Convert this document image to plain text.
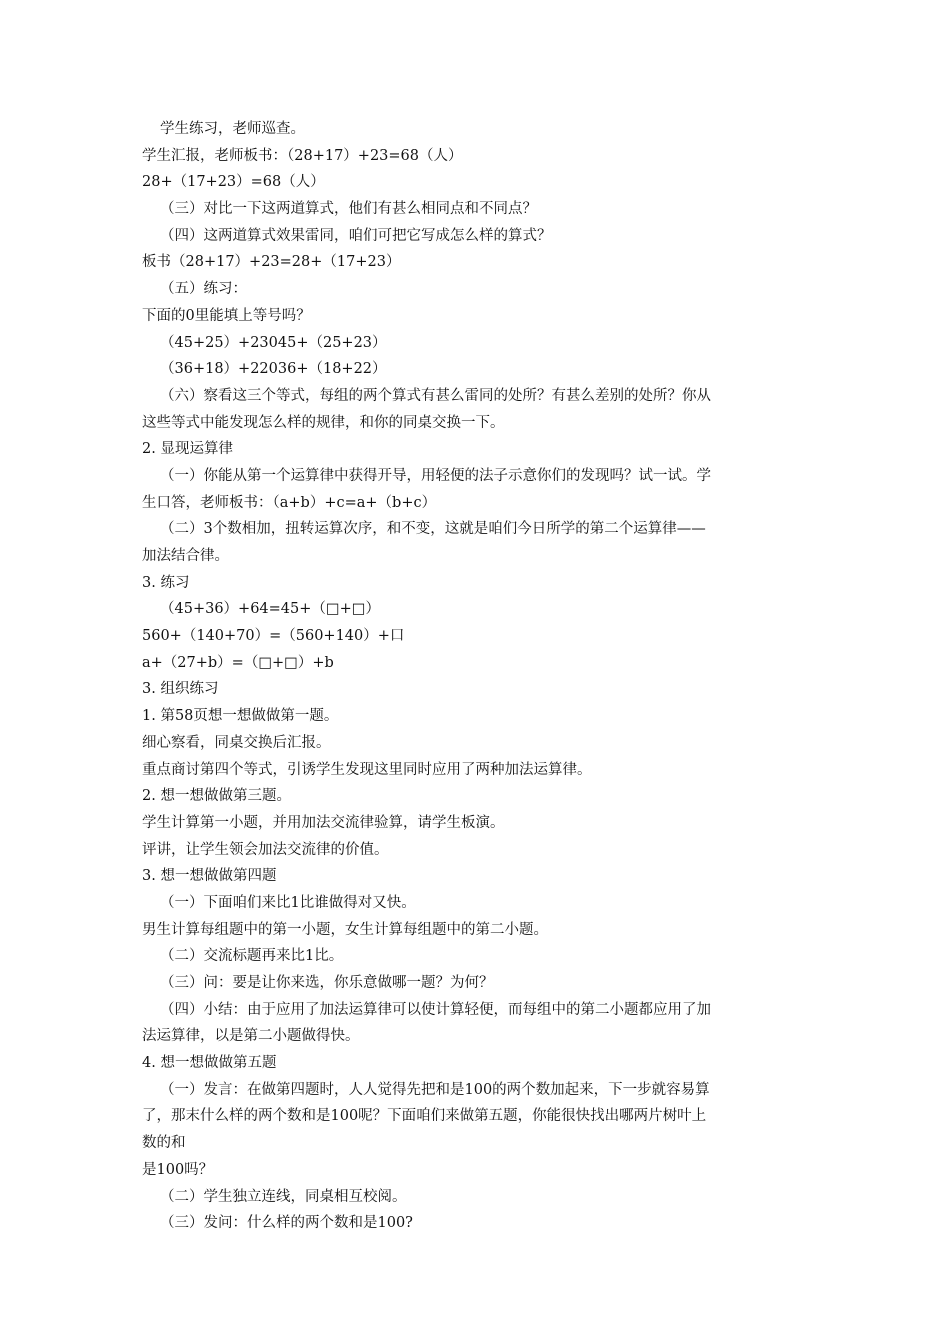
学生练习，老师巡查。
学生汇报，老师板书：（28+17）+23=68（人）
28+（17+23）=68（人）
（三）对比一下这两道算式，他们有甚么相同点和不同点？
（四）这两道算式效果雷同，咱们可把它写成怎么样的算式？
板书（28+17）+23=28+（17+23）
（五）练习：
下面的0里能填上等号吗？
（45+25）+23045+（25+23）
（36+18）+22036+（18+22）
（六）察看这三个等式，每组的两个算式有甚么雷同的处所？有甚么差别的处所？你从
这些等式中能发现怎么样的规律，和你的同桌交换一下。
2. 显现运算律
（一）你能从第一个运算律中获得开导，用轻便的法子示意你们的发现吗？试一试。学
生口答，老师板书：（a+b）+c=a+（b+c）
（二）3个数相加，扭转运算次序，和不变，这就是咱们今日所学的第二个运算律——
加法结合律。
3. 练习
（45+36）+64=45+（□+□）
560+（140+70）=（560+140）+口
a+（27+b）=（□+□）+b
3. 组织练习
1. 第58页想一想做做第一题。
细心察看，同桌交换后汇报。
重点商讨第四个等式，引诱学生发现这里同时应用了两种加法运算律。
2. 想一想做做第三题。
学生计算第一小题，并用加法交流律验算，请学生板演。
评讲，让学生领会加法交流律的价值。
3. 想一想做做第四题
（一）下面咱们来比1比谁做得对又快。
男生计算每组题中的第一小题，女生计算每组题中的第二小题。
（二）交流标题再来比1比。
（三）问：要是让你来选，你乐意做哪一题？为何？
（四）小结：由于应用了加法运算律可以使计算轻便，而每组中的第二小题都应用了加
法运算律，以是第二小题做得快。
4. 想一想做做第五题
（一）发言：在做第四题时，人人觉得先把和是100的两个数加起来，下一步就容易算
了，那末什么样的两个数和是100呢？下面咱们来做第五题，你能很快找出哪两片树叶上
数的和
是100吗？
（二）学生独立连线，同桌相互校阅。
（三）发问：什么样的两个数和是100?
